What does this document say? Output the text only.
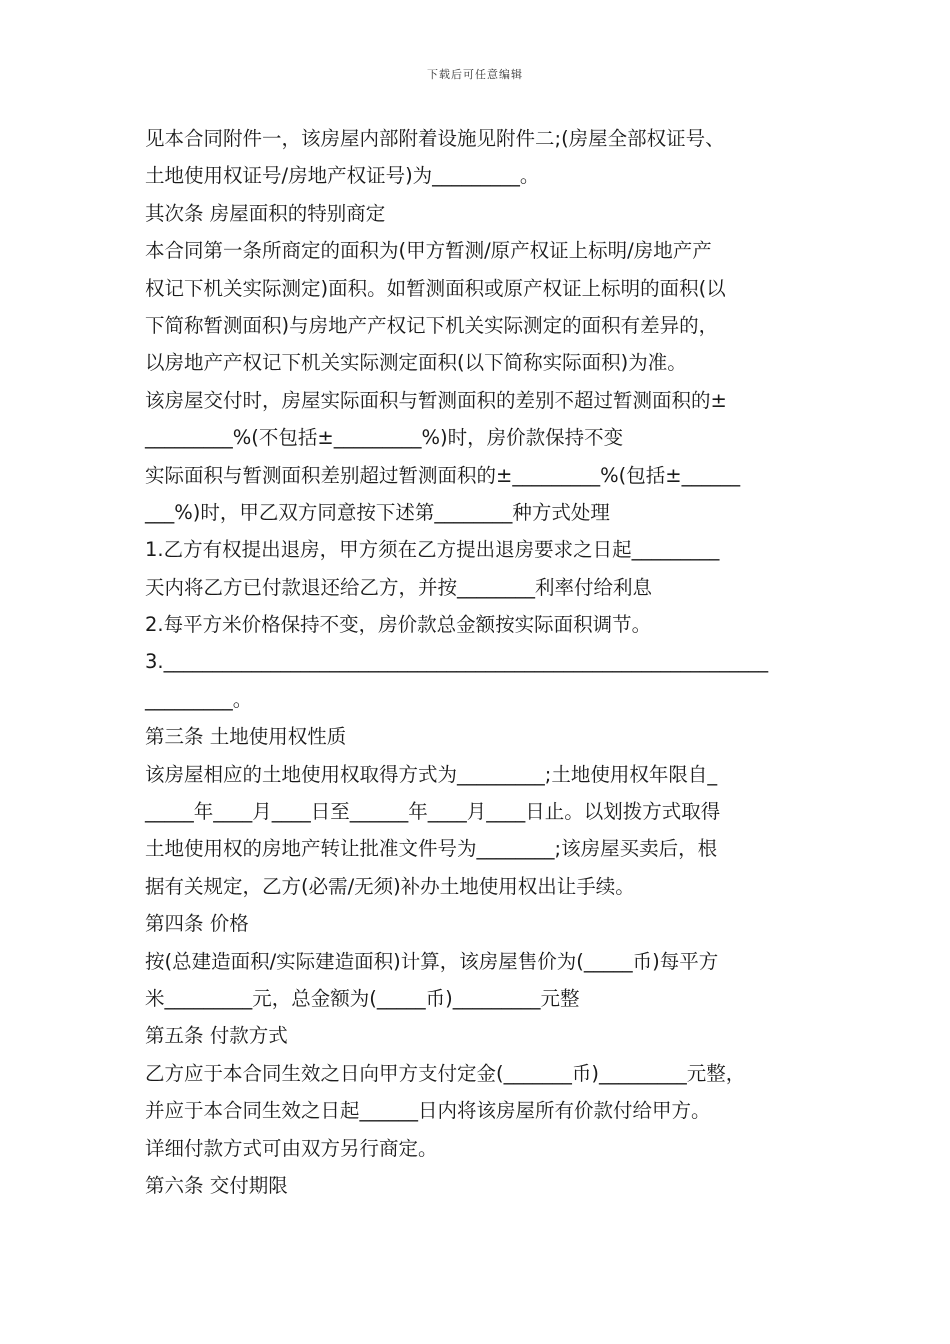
下载后可任意编辑
见本合同附件一，该房屋内部附着设施见附件二;(房屋全部权证号、
土地使用权证号/房地产权证号)为_________。
其次条 房屋面积的特别商定
本合同第一条所商定的面积为(甲方暂测/原产权证上标明/房地产产
权记下机关实际测定)面积。如暂测面积或原产权证上标明的面积(以
下简称暂测面积)与房地产产权记下机关实际测定的面积有差异的，
以房地产产权记下机关实际测定面积(以下简称实际面积)为准。
该房屋交付时，房屋实际面积与暂测面积的差别不超过暂测面积的±
_________%(不包括±_________%)时，房价款保持不变
实际面积与暂测面积差别超过暂测面积的±_________%(包括±______
___%)时，甲乙双方同意按下述第________种方式处理
1.乙方有权提出退房，甲方须在乙方提出退房要求之日起_________
天内将乙方已付款退还给乙方，并按________利率付给利息
2.每平方米价格保持不变，房价款总金额按实际面积调节。
3.______________________________________________________________
_________。
第三条 土地使用权性质
该房屋相应的土地使用权取得方式为_________;土地使用权年限自_
_____年____月____日至______年____月____日止。以划拨方式取得
土地使用权的房地产转让批准文件号为________;该房屋买卖后，根
据有关规定，乙方(必需/无须)补办土地使用权出让手续。
第四条 价格
按(总建造面积/实际建造面积)计算，该房屋售价为(_____币)每平方
米_________元，总金额为(_____币)_________元整
第五条 付款方式
乙方应于本合同生效之日向甲方支付定金(_______币)_________元整，
并应于本合同生效之日起______日内将该房屋所有价款付给甲方。
详细付款方式可由双方另行商定。
第六条 交付期限
